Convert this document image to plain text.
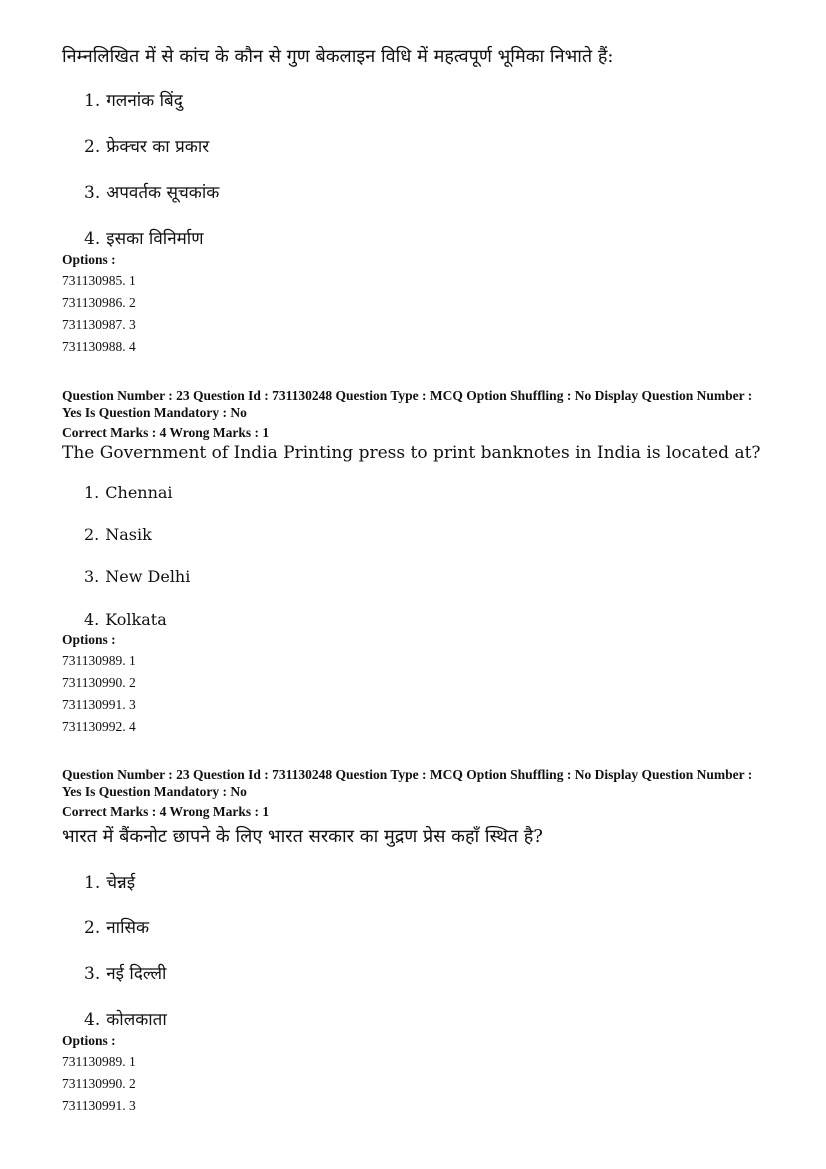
निम्नलिखित में से कांच के कौन से गुण बेकलाइन विधि में महत्वपूर्ण भूमिका निभाते हैं:
1. गलनांक बिंदु
2. फ्रेक्चर का प्रकार
3. अपवर्तक सूचकांक
4. इसका विनिर्माण
Options :
731130985. 1
731130986. 2
731130987. 3
731130988. 4
Question Number : 23 Question Id : 731130248 Question Type : MCQ Option Shuffling : No Display Question Number : Yes Is Question Mandatory : No
Correct Marks : 4 Wrong Marks : 1
The Government of India Printing press to print banknotes in India is located at?
1. Chennai
2. Nasik
3. New Delhi
4. Kolkata
Options :
731130989. 1
731130990. 2
731130991. 3
731130992. 4
Question Number : 23 Question Id : 731130248 Question Type : MCQ Option Shuffling : No Display Question Number : Yes Is Question Mandatory : No
Correct Marks : 4 Wrong Marks : 1
भारत में बैंकनोट छापने के लिए भारत सरकार का मुद्रण प्रेस कहाँ स्थित है?
1. चेन्नई
2. नासिक
3. नई दिल्ली
4. कोलकाता
Options :
731130989. 1
731130990. 2
731130991. 3
